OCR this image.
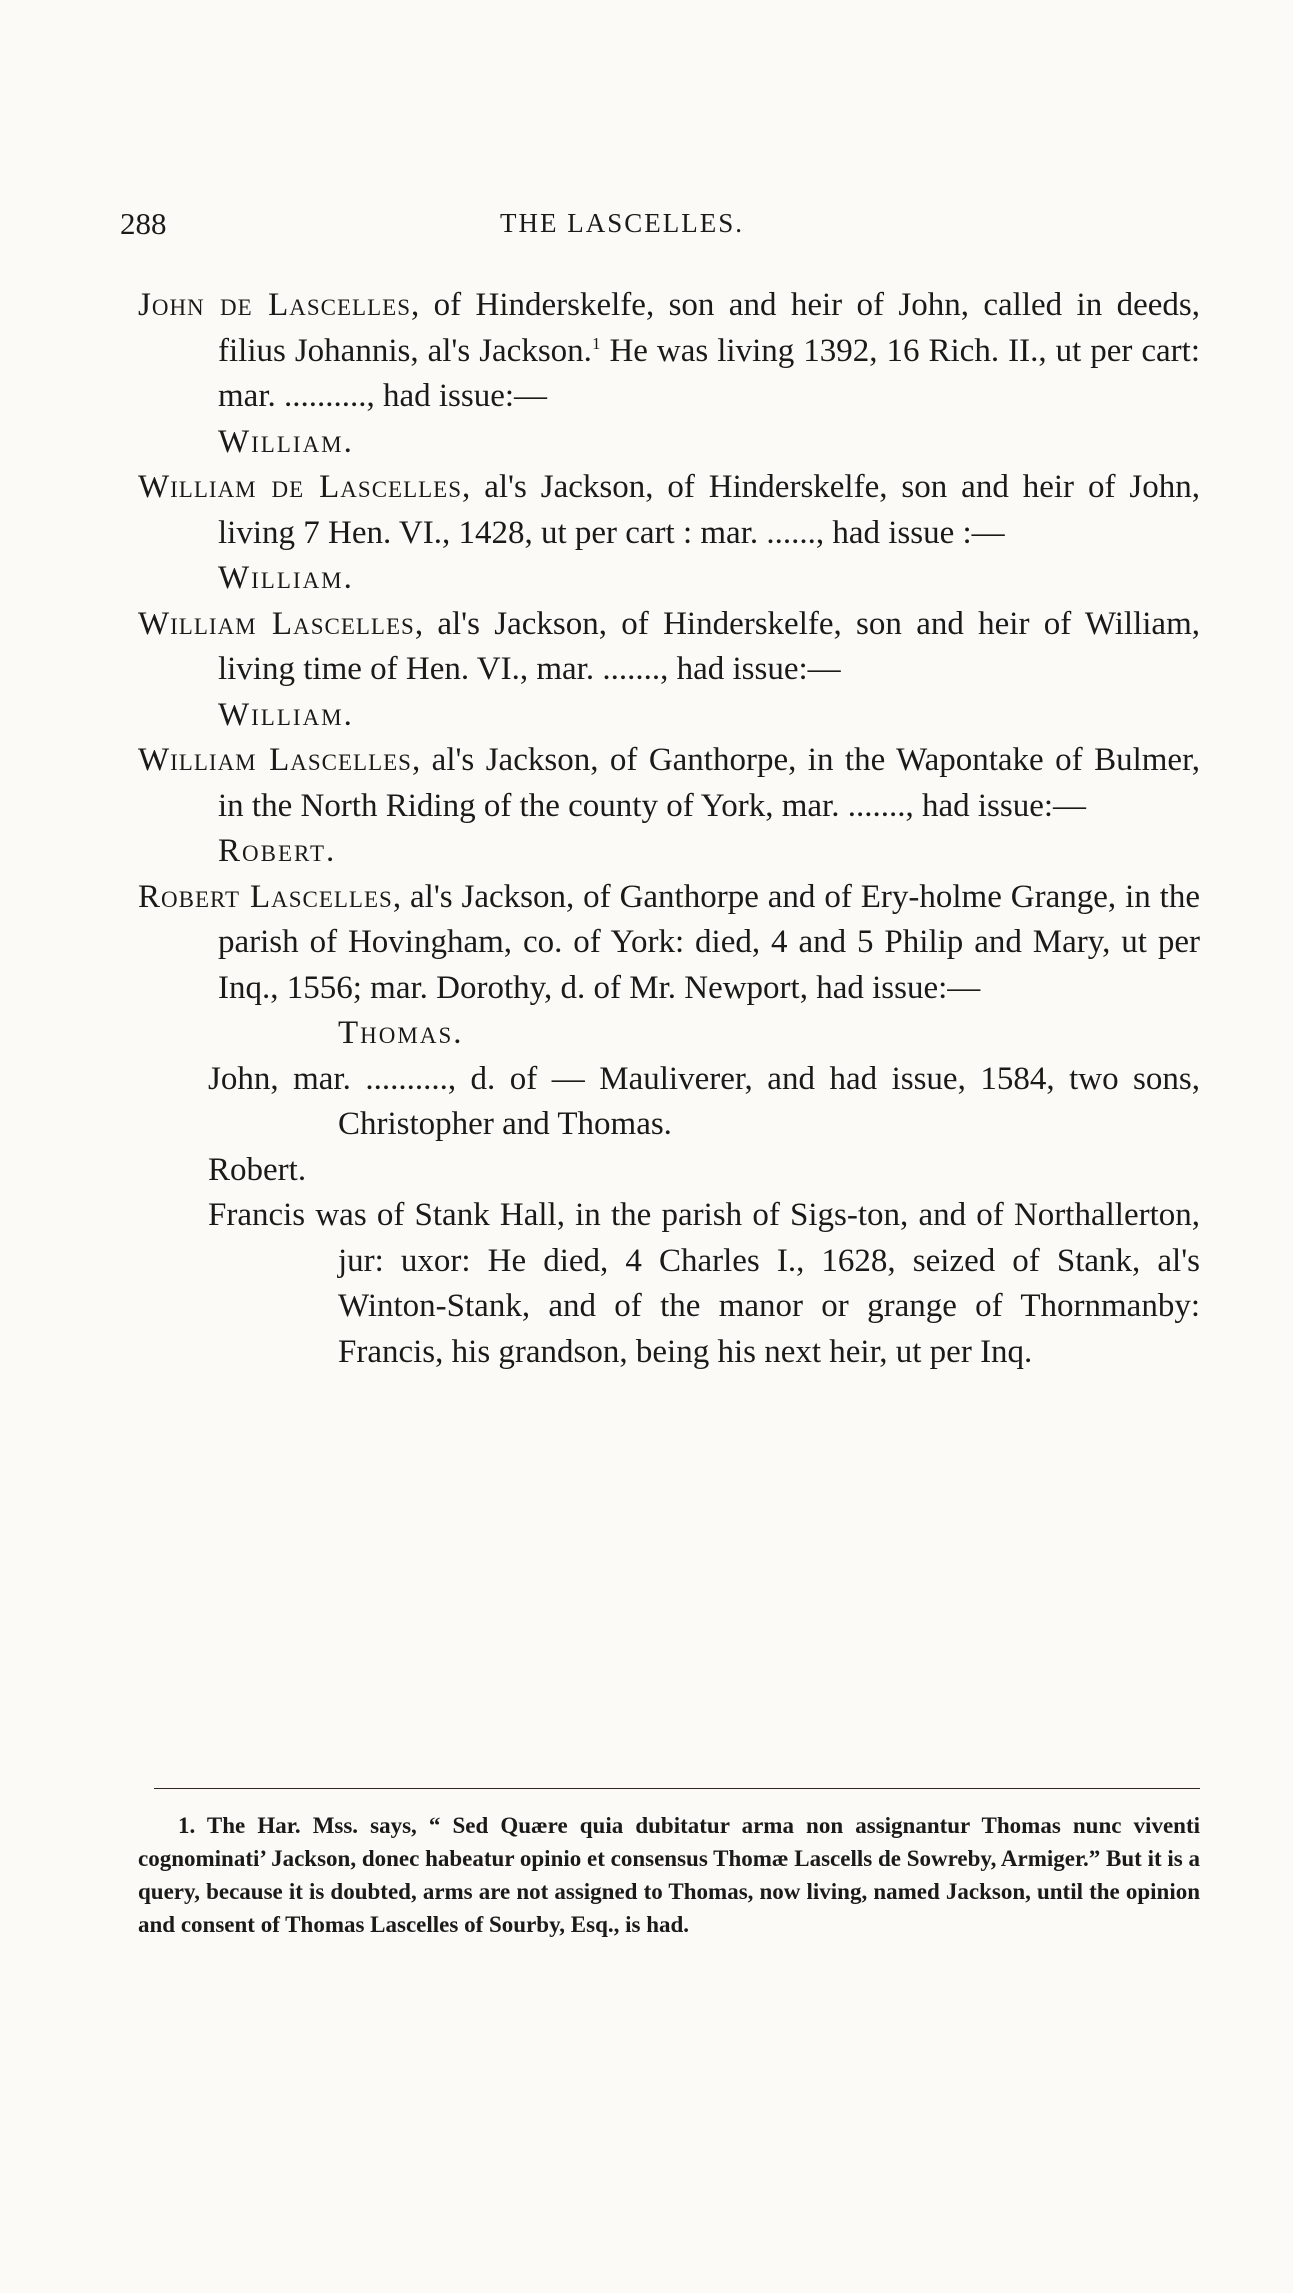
288	THE LASCELLES.
John de Lascelles, of Hinderskelfe, son and heir of John, called in deeds, filius Johannis, al's Jackson.$^1$ He was living 1392, 16 Rich. II., ut per cart: mar. .........., had issue:—
William.
William de Lascelles, al's Jackson, of Hinderskelfe, son and heir of John, living 7 Hen. VI., 1428, ut per cart : mar. ......, had issue :—
William.
William Lascelles, al's Jackson, of Hinderskelfe, son and heir of William, living time of Hen. VI., mar. ......., had issue:—
William.
William Lascelles, al's Jackson, of Ganthorpe, in the Wapontake of Bulmer, in the North Riding of the county of York, mar. ......., had issue:—
Robert.
Robert Lascelles, al's Jackson, of Ganthorpe and of Ery-holme Grange, in the parish of Hovingham, co. of York: died, 4 and 5 Philip and Mary, ut per Inq., 1556; mar. Dorothy, d. of Mr. Newport, had issue:—
Thomas.
John, mar. .........., d. of — Mauliverer, and had issue, 1584, two sons, Christopher and Thomas.
Robert.
Francis was of Stank Hall, in the parish of Sigs-ton, and of Northallerton, jur: uxor: He died, 4 Charles I., 1628, seized of Stank, al's Winton-Stank, and of the manor or grange of Thornmanby: Francis, his grandson, being his next heir, ut per Inq.
1. The Har. Mss. says, “ Sed Quære quia dubitatur arma non assignantur Thomas nunc viventi cognominati’ Jackson, donec habeatur opinio et consensus Thomæ Lascells de Sowreby, Armiger.” But it is a query, because it is doubted, arms are not assigned to Thomas, now living, named Jackson, until the opinion and consent of Thomas Lascelles of Sourby, Esq., is had.
